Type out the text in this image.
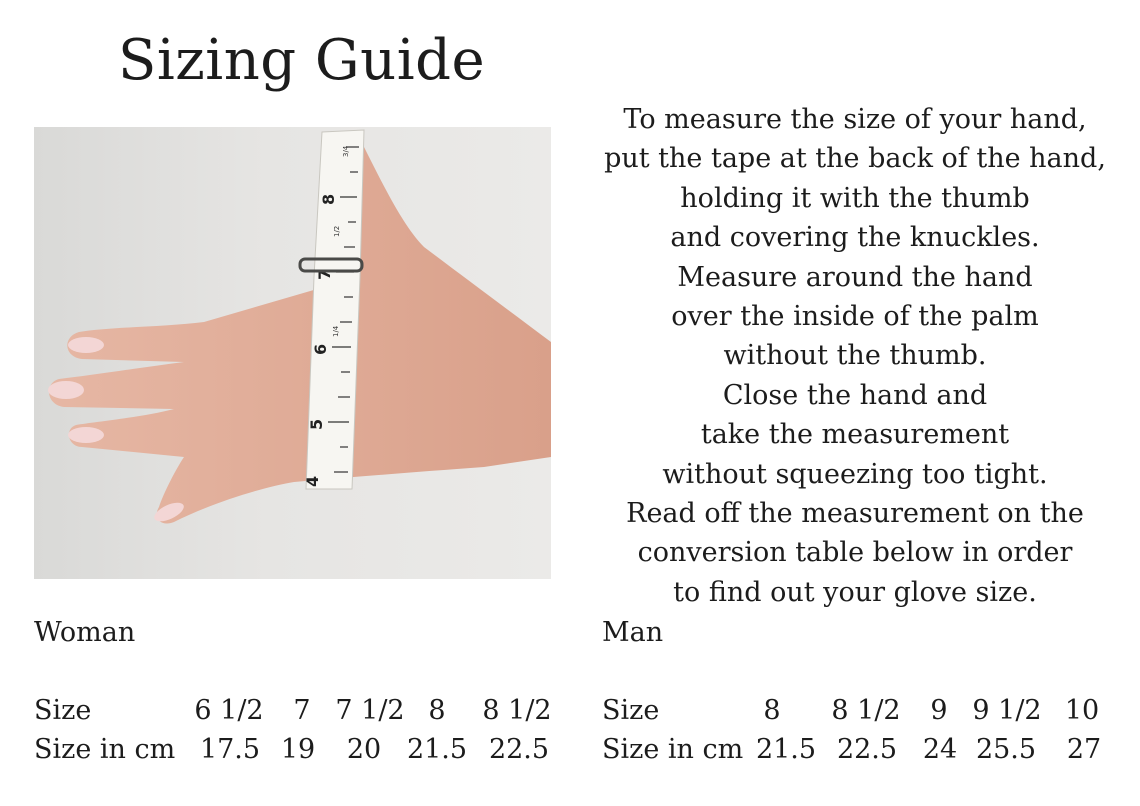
Sizing Guide
8
7
6
5
4
3/4
1/2
1/4
To measure the size of your hand,
put the tape at the back of the hand,
holding it with the thumb
and covering the knuckles.
Measure around the hand
over the inside of the palm
without the thumb.
Close the hand and
take the measurement
without squeezing too tight.
Read off the measurement on the
conversion table below in order
to find out your glove size.
Woman
Size	6 1/2 7 7 1/2 8 8 1/2
Size in cm 17.5 19 20 21.5 22.5
Man
Size	8 8 1/2 9 9 1/2 10
Size in cm 21.5 22.5 24 25.5 27
